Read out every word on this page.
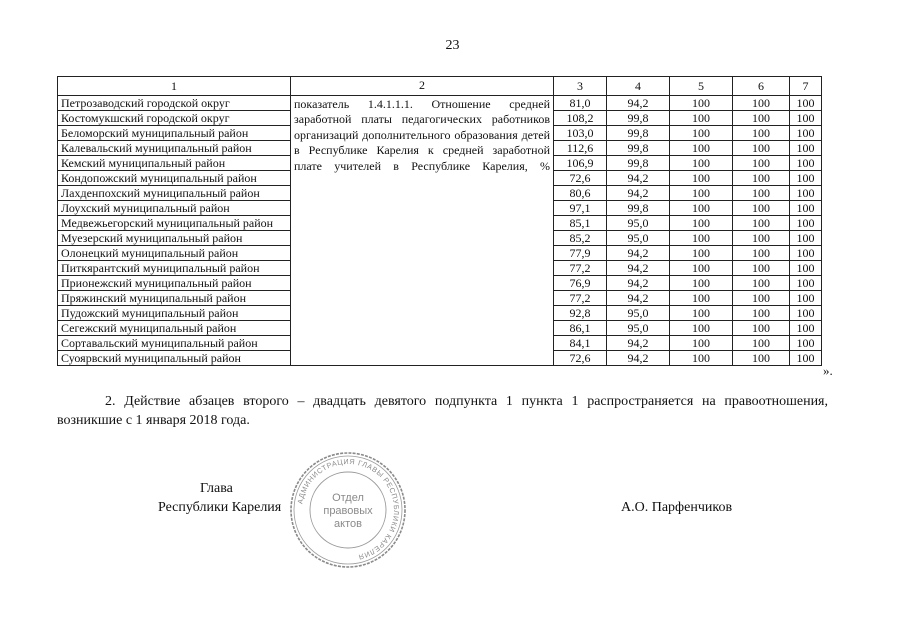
23
1	2	3	4	5	6	7
Петрозаводский городской округ	показатель 1.4.1.1.1. Отношение средней заработной платы педагогических работников организаций дополнительного образования детей в Республике Карелия к средней заработной плате учителей в Республике Карелия, %	81,0	94,2	100	100	100
Костомукшский городской округ		108,2	99,8	100	100	100
Беломорский муниципальный район		103,0	99,8	100	100	100
Калевальский муниципальный район		112,6	99,8	100	100	100
Кемский муниципальный район		106,9	99,8	100	100	100
Кондопожский муниципальный район		72,6	94,2	100	100	100
Лахденпохский муниципальный район		80,6	94,2	100	100	100
Лоухский муниципальный район		97,1	99,8	100	100	100
Медвежьегорский муниципальный район		85,1	95,0	100	100	100
Муезерский муниципальный район		85,2	95,0	100	100	100
Олонецкий муниципальный район		77,9	94,2	100	100	100
Питкярантский муниципальный район		77,2	94,2	100	100	100
Прионежский муниципальный район		76,9	94,2	100	100	100
Пряжинский муниципальный район		77,2	94,2	100	100	100
Пудожский муниципальный район		92,8	95,0	100	100	100
Сегежский муниципальный район		86,1	95,0	100	100	100
Сортавальский муниципальный район		84,1	94,2	100	100	100
Суоярвский муниципальный район		72,6	94,2	100	100	100
».
2. Действие абзацев второго – двадцать девятого подпункта 1 пункта 1 распространяется на правоотношения, возникшие с 1 января 2018 года.
Глава
Республики Карелия	А.О. Парфенчиков
АДМИНИСТРАЦИЯ ГЛАВЫ РЕСПУБЛИКИ КАРЕЛИЯ
Отдел
правовых
актов
